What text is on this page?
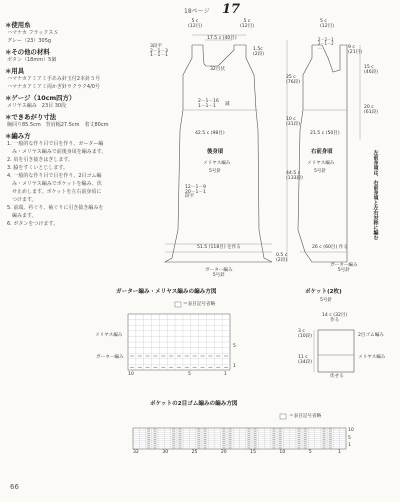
18ページ 17
＊使用糸
ハマナカ フラックスＳ
グレー（23）305g
＊その他の材料
ボタン（18mm）5個
＊用具
ハマナカアミアミ手あみ針玉付2本針５号
ハマナカアミアミ両かぎ針ラクラク4/0号
＊ゲージ（10cm四方）
メリヤス編み　23目 30段
＊できあがり寸法
胸回り85.5cm　背肩幅27.5cm　着丈80cm
＊編み方
1. 一般的な作り目で目を作り、ガーター編
　み・メリヤス編みで前後身頃を編みます。
2. 肩を引き抜きはぎします。
3. 脇をすくいとじします。
4. 一般的な作り目で目を作り、2目ゴム編
　み・メリヤス編みでポケットを編み、伏
　せ止めします。ポケットを左右前身頃に
　つけます。
5. 前端、衿ぐり、袖ぐりに引き抜き編みを
　編みます。
6. ボタンをつけます。
5 c
(12目)
5 c
(12目)
17.5 c (40目)
3段平
2－1－3
1－1－1
32目伏
1.5c
(2段)
2－1－16
1－1－1	減
25 c
(76段)
10 c
(31段)
42.5 c (98目)
44.5 c
(133段)
後身頃
メリヤス編み
5号針
12－1－9
20－1－1
段平
51.5 (118目) を作る
0.5 c
(2段)
ガーター編み
5号針
5 c
(12目)
9 c
(21目)
2－2－1
2－1－2
…
15 c
(46段)
20 c
(61段)
21.5 c (50目)
右前身頃
メリヤス編み
5号針	左前身頃は、右前身頃と左右対称に編む
26 c (60目) 作る
ガーター編み
5号針
ガーター編み・メリヤス編みの編み方図
＝表目記号省略
メリヤス編み
ガーター編み
10	5	1
1
5
ポケット(2枚)
5号針
14 c (32目)
作る
3 c
(10段)
11 c
(34段)
2目ゴム編み
メリヤス編み
伏せる
ポケットの2目ゴム編みの編み方図
＝表目記号省略
32	30	25	20	15	10	5	1
10
5
1
66
